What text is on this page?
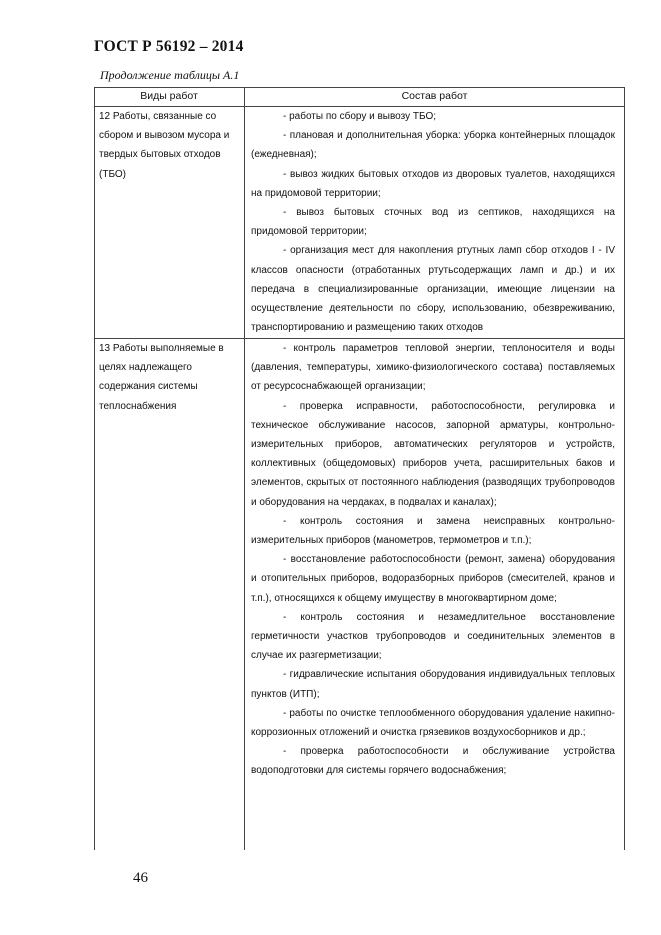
ГОСТ Р 56192 – 2014
Продолжение таблицы А.1
Виды работ	Состав работ
12 Работы, связанные со сбором и вывозом мусора и твердых бытовых отходов (ТБО)

- работы по сбору и вывозу ТБО;

- плановая и дополнительная уборка: уборка контейнерных площадок (ежедневная);

- вывоз жидких бытовых отходов из дворовых туалетов, находящихся на придомовой территории;

- вывоз бытовых сточных вод из септиков, находящихся на придомовой территории;

- организация мест для накопления ртутных ламп сбор отходов I - IV классов опасности (отработанных ртутьсодержащих ламп и др.) и их передача в специализированные организации, имеющие лицензии на осуществление деятельности по сбору, использованию, обезвреживанию, транспортированию и размещению таких отходов

13 Работы выполняемые в целях надлежащего содержания системы теплоснабжения

- контроль параметров тепловой энергии, теплоносителя и воды (давления, температуры, химико-физиологического состава) поставляемых от ресурсоснабжающей организации;

- проверка исправности, работоспособности, регулировка и техническое обслуживание насосов, запорной арматуры, контрольно-измерительных приборов, автоматических регуляторов и устройств, коллективных (общедомовых) приборов учета, расширительных баков и элементов, скрытых от постоянного наблюдения (разводящих трубопроводов и оборудования на чердаках, в подвалах и каналах);

- контроль состояния и замена неисправных контрольно-измерительных приборов (манометров, термометров и т.п.);

- восстановление работоспособности (ремонт, замена) оборудования и отопительных приборов, водоразборных приборов (смесителей, кранов и т.п.), относящихся к общему имуществу в многоквартирном доме;

- контроль состояния и незамедлительное восстановление герметичности участков трубопроводов и соединительных элементов в случае их разгерметизации;

- гидравлические испытания оборудования индивидуальных тепловых пунктов (ИТП);

- работы по очистке теплообменного оборудования удаление накипно-коррозионных отложений и очистка грязевиков воздухосборников и др.;

- проверка работоспособности и обслуживание устройства водоподготовки для системы горячего водоснабжения;

46
